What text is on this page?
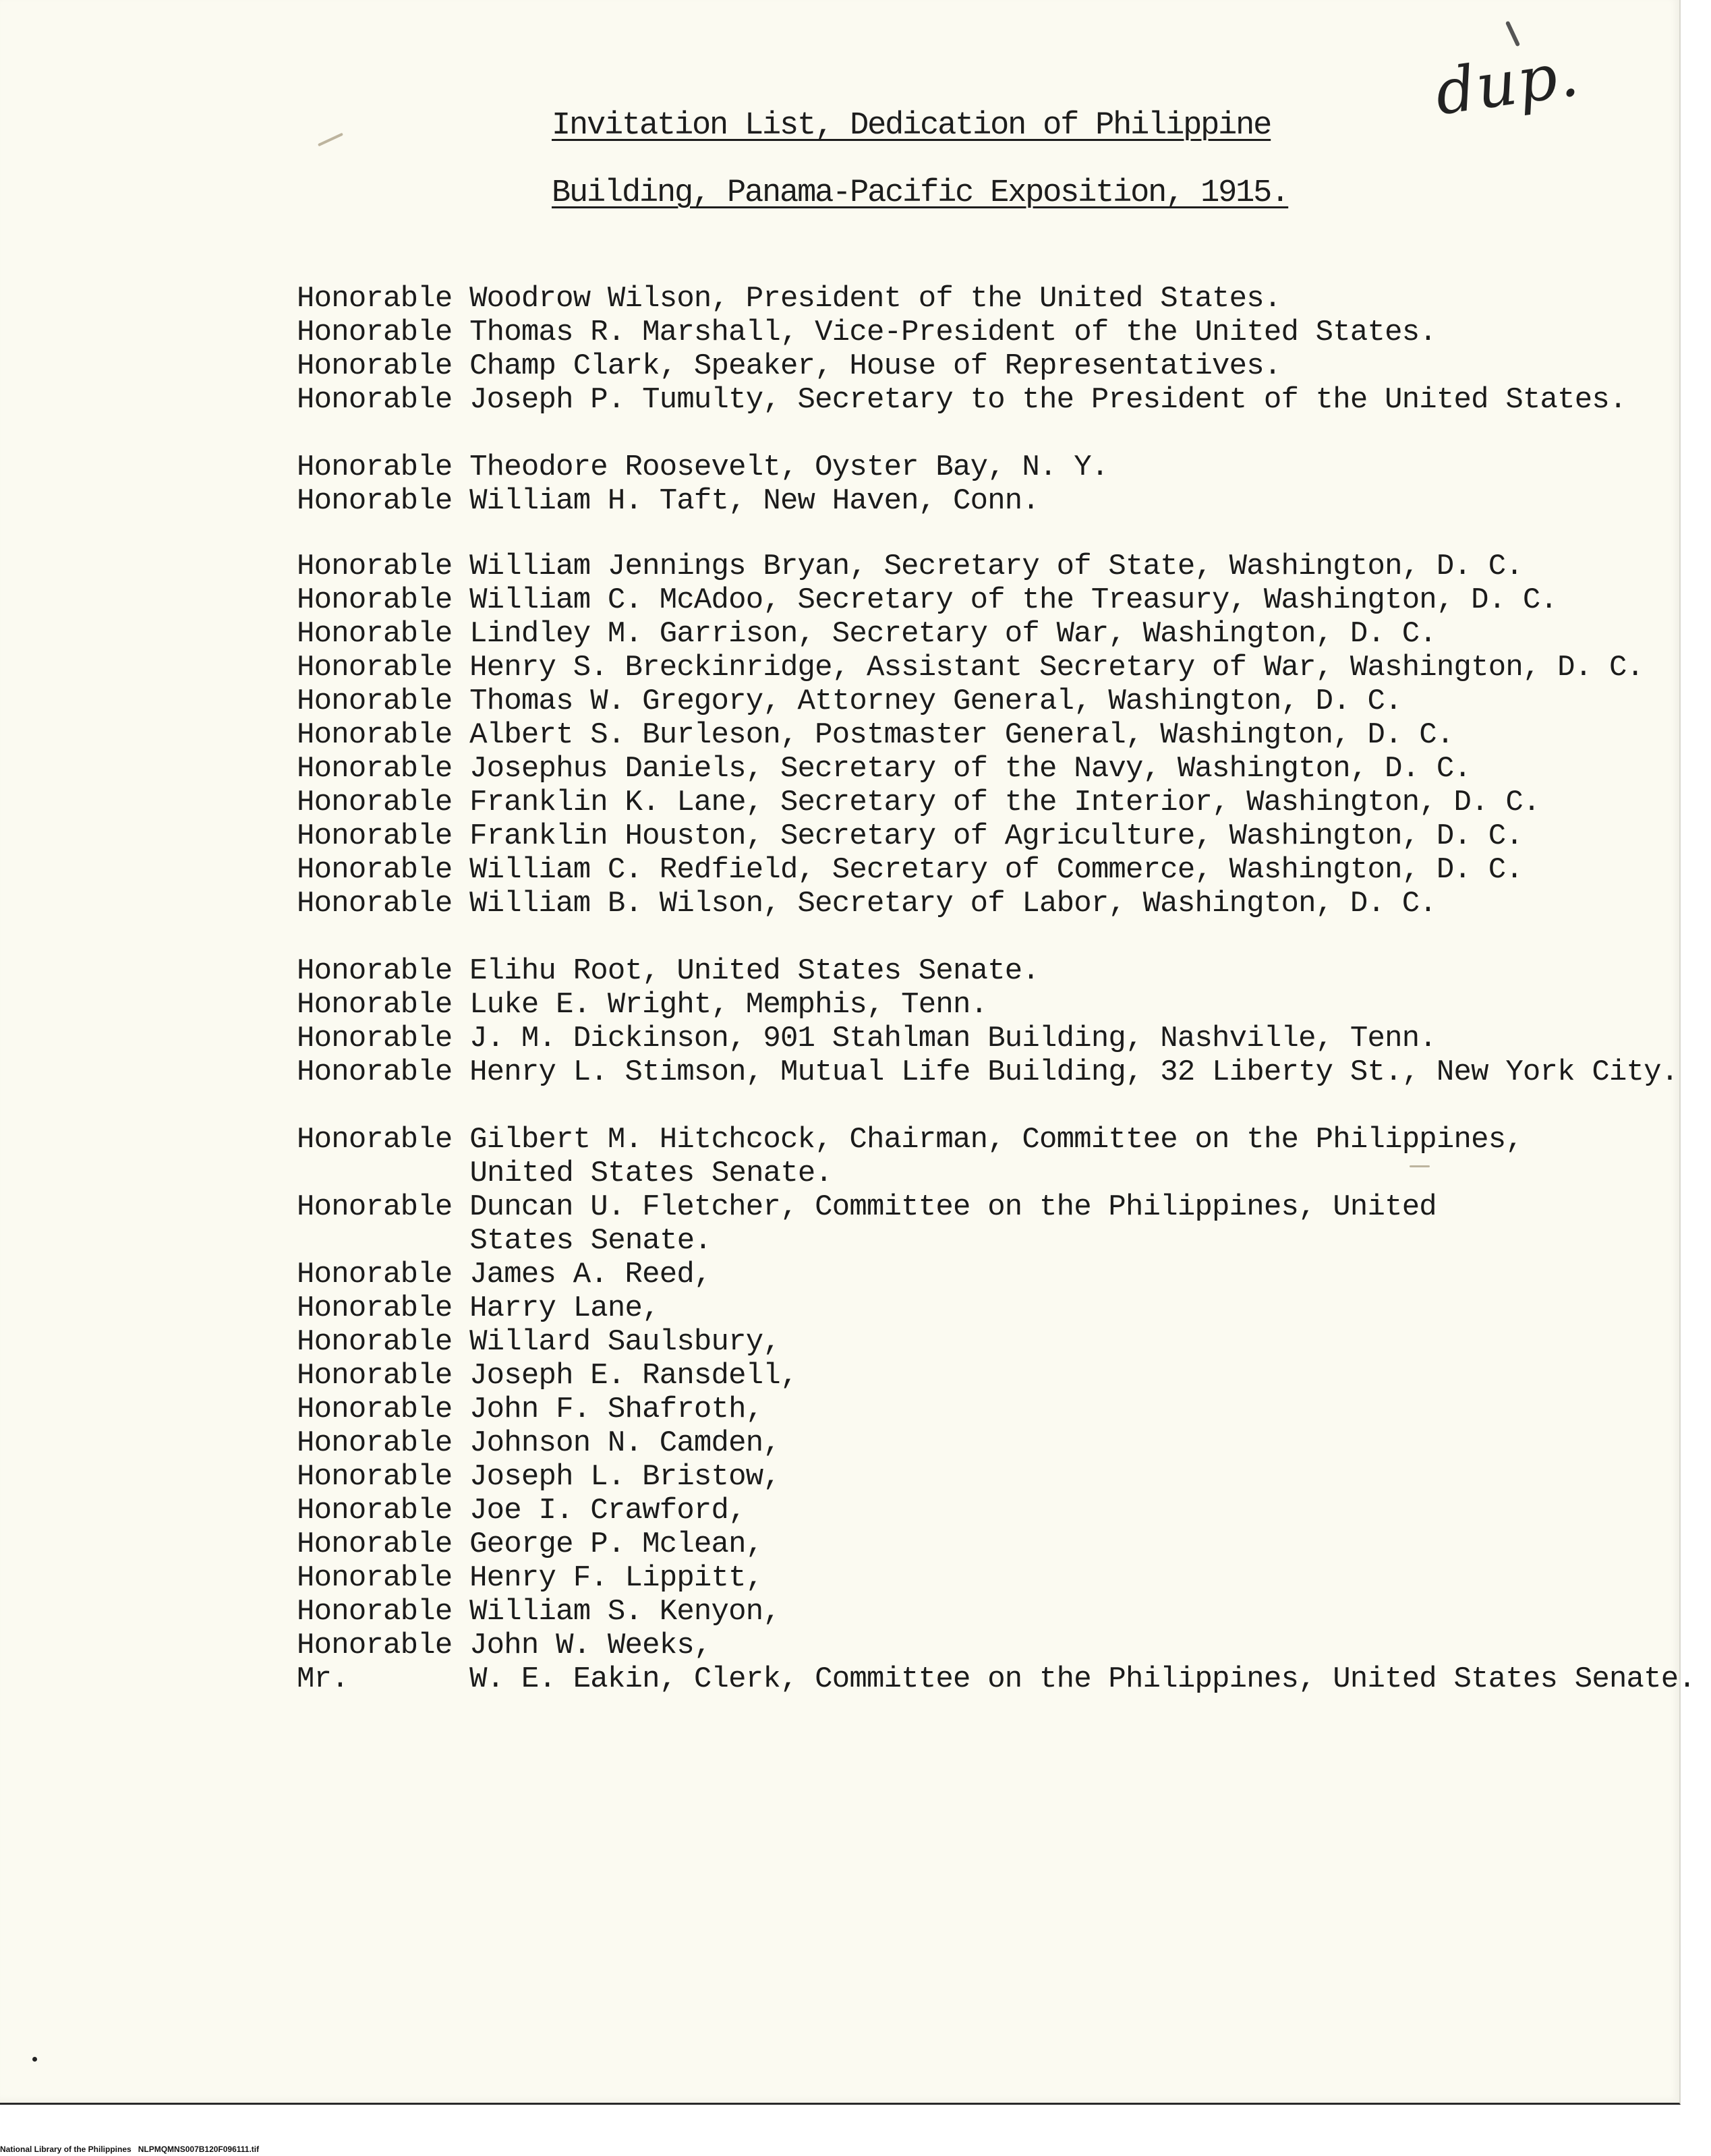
dup.
Invitation List, Dedication of Philippine
Building, Panama-Pacific Exposition, 1915.
Honorable Woodrow Wilson, President of the United States.
Honorable Thomas R. Marshall, Vice-President of the United States.
Honorable Champ Clark, Speaker, House of Representatives.
Honorable Joseph P. Tumulty, Secretary to the President of the United States.
Honorable Theodore Roosevelt, Oyster Bay, N. Y.
Honorable William H. Taft, New Haven, Conn.
Honorable William Jennings Bryan, Secretary of State, Washington, D. C.
Honorable William C. McAdoo, Secretary of the Treasury, Washington, D. C.
Honorable Lindley M. Garrison, Secretary of War, Washington, D. C.
Honorable Henry S. Breckinridge, Assistant Secretary of War, Washington, D. C.
Honorable Thomas W. Gregory, Attorney General, Washington, D. C.
Honorable Albert S. Burleson, Postmaster General, Washington, D. C.
Honorable Josephus Daniels, Secretary of the Navy, Washington, D. C.
Honorable Franklin K. Lane, Secretary of the Interior, Washington, D. C.
Honorable Franklin Houston, Secretary of Agriculture, Washington, D. C.
Honorable William C. Redfield, Secretary of Commerce, Washington, D. C.
Honorable William B. Wilson, Secretary of Labor, Washington, D. C.
Honorable Elihu Root, United States Senate.
Honorable Luke E. Wright, Memphis, Tenn.
Honorable J. M. Dickinson, 901 Stahlman Building, Nashville, Tenn.
Honorable Henry L. Stimson, Mutual Life Building, 32 Liberty St., New York City.
Honorable Gilbert M. Hitchcock, Chairman, Committee on the Philippines,
United States Senate.
Honorable Duncan U. Fletcher, Committee on the Philippines, United
States Senate.
Honorable James A. Reed,
Honorable Harry Lane,
Honorable Willard Saulsbury,
Honorable Joseph E. Ransdell,
Honorable John F. Shafroth,
Honorable Johnson N. Camden,
Honorable Joseph L. Bristow,
Honorable Joe I. Crawford,
Honorable George P. Mclean,
Honorable Henry F. Lippitt,
Honorable William S. Kenyon,
Honorable John W. Weeks,
Mr.	W. E. Eakin, Clerk, Committee on the Philippines, United States Senate.
National Library of the Philippines NLPMQMNS007B120F096111.tif
